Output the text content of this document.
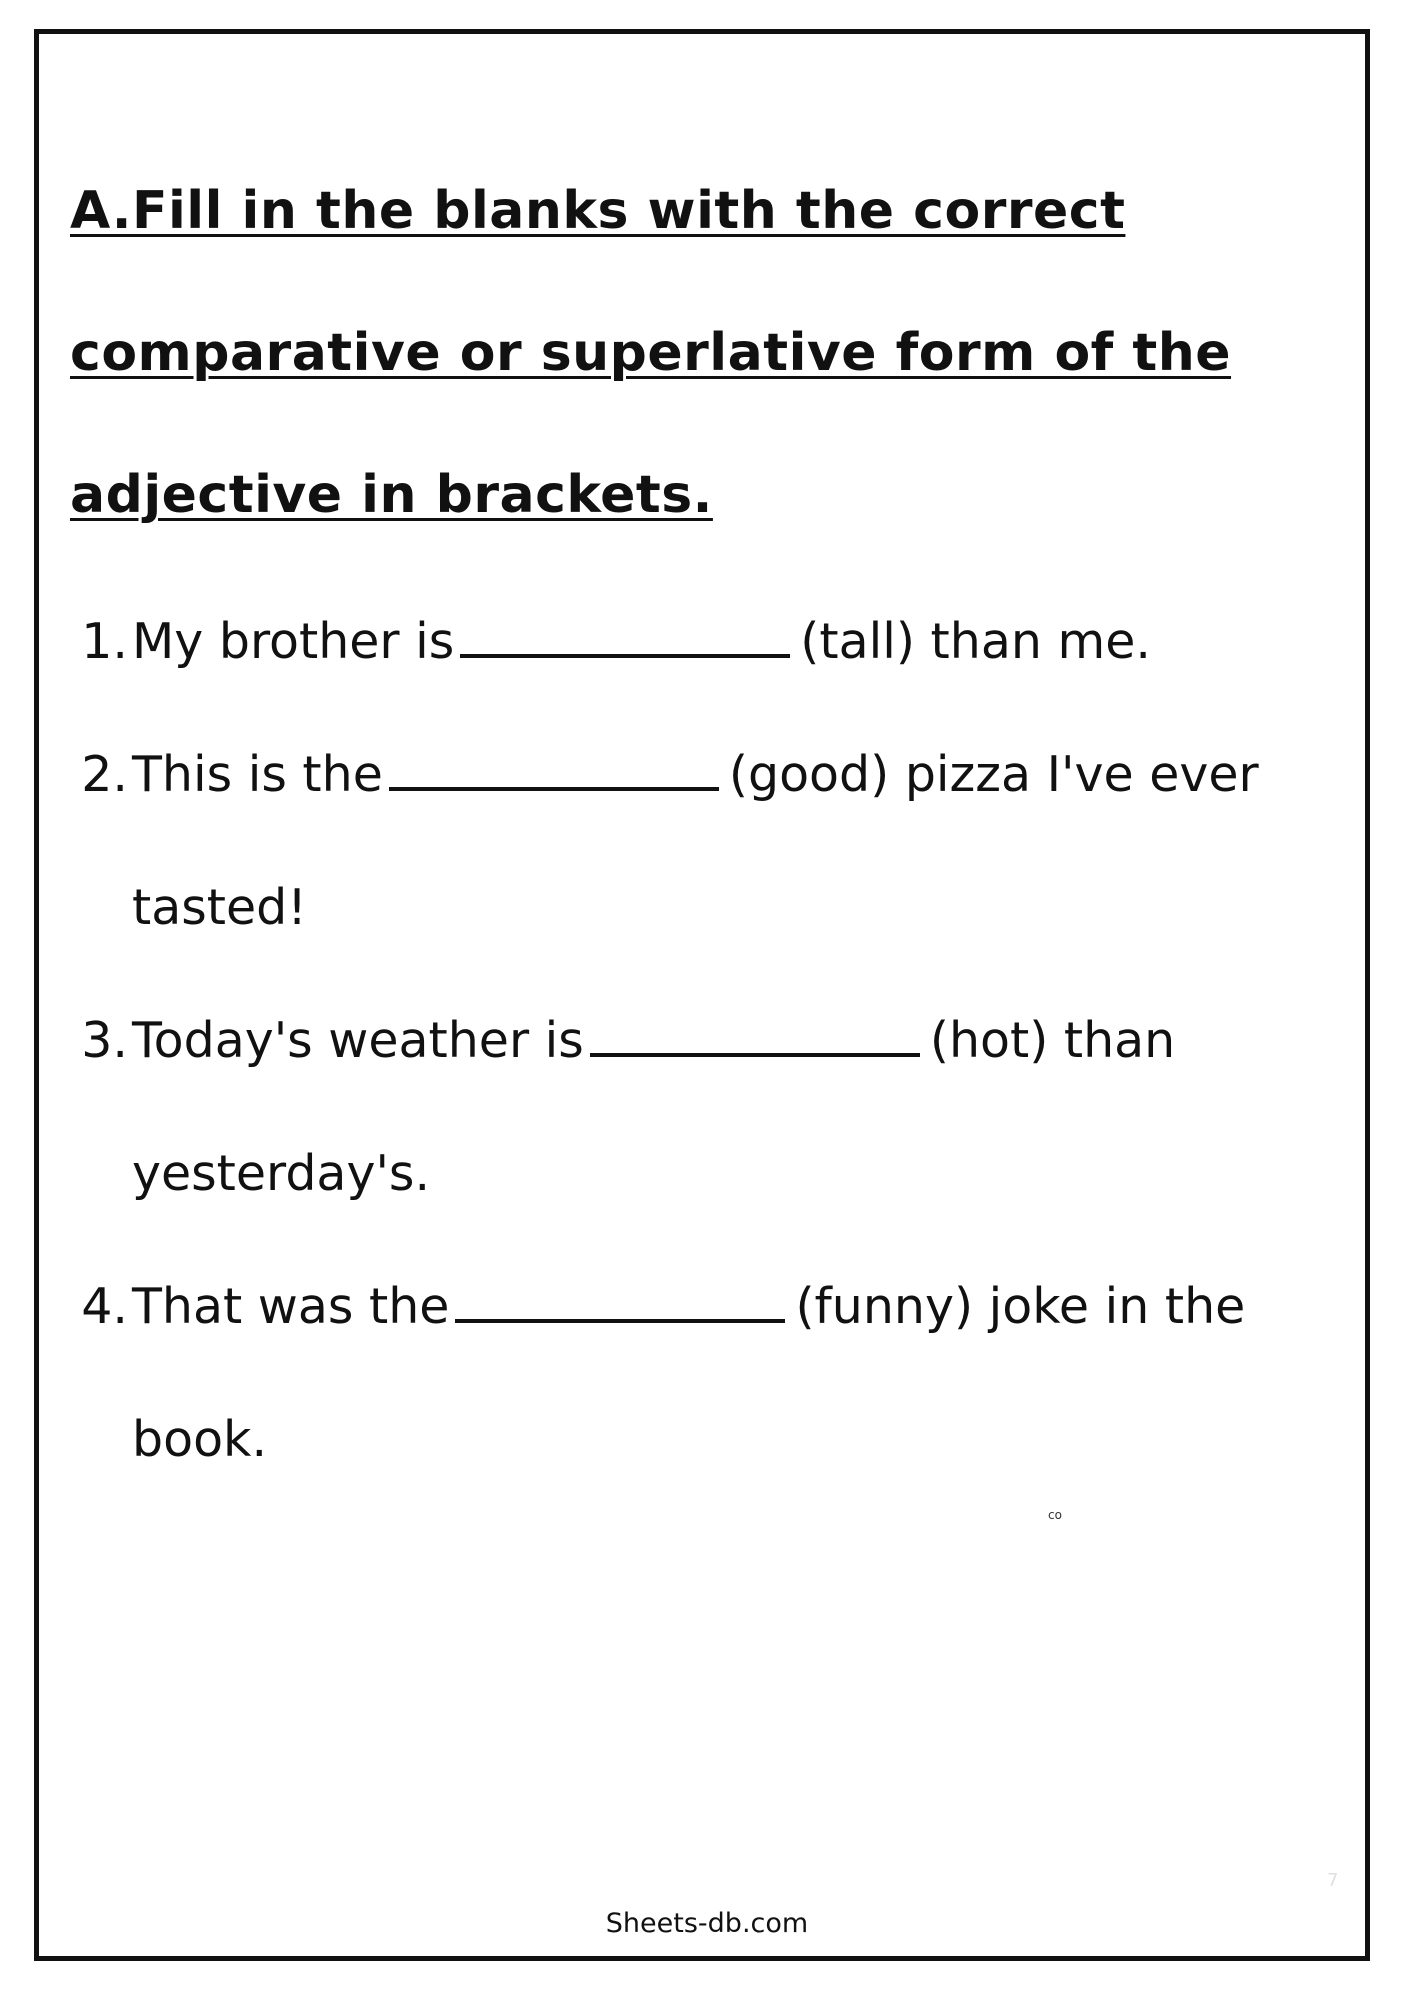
A.Fill in the blanks with the correct
comparative or superlative form of the
adjective in brackets.
1. My brother is	(tall) than me.
2. This is the	(good) pizza I've ever
tasted!
3. Today's weather is	(hot) than
yesterday's.
4. That was the	(funny) joke in the
book.
co
7
Sheets-db.com
